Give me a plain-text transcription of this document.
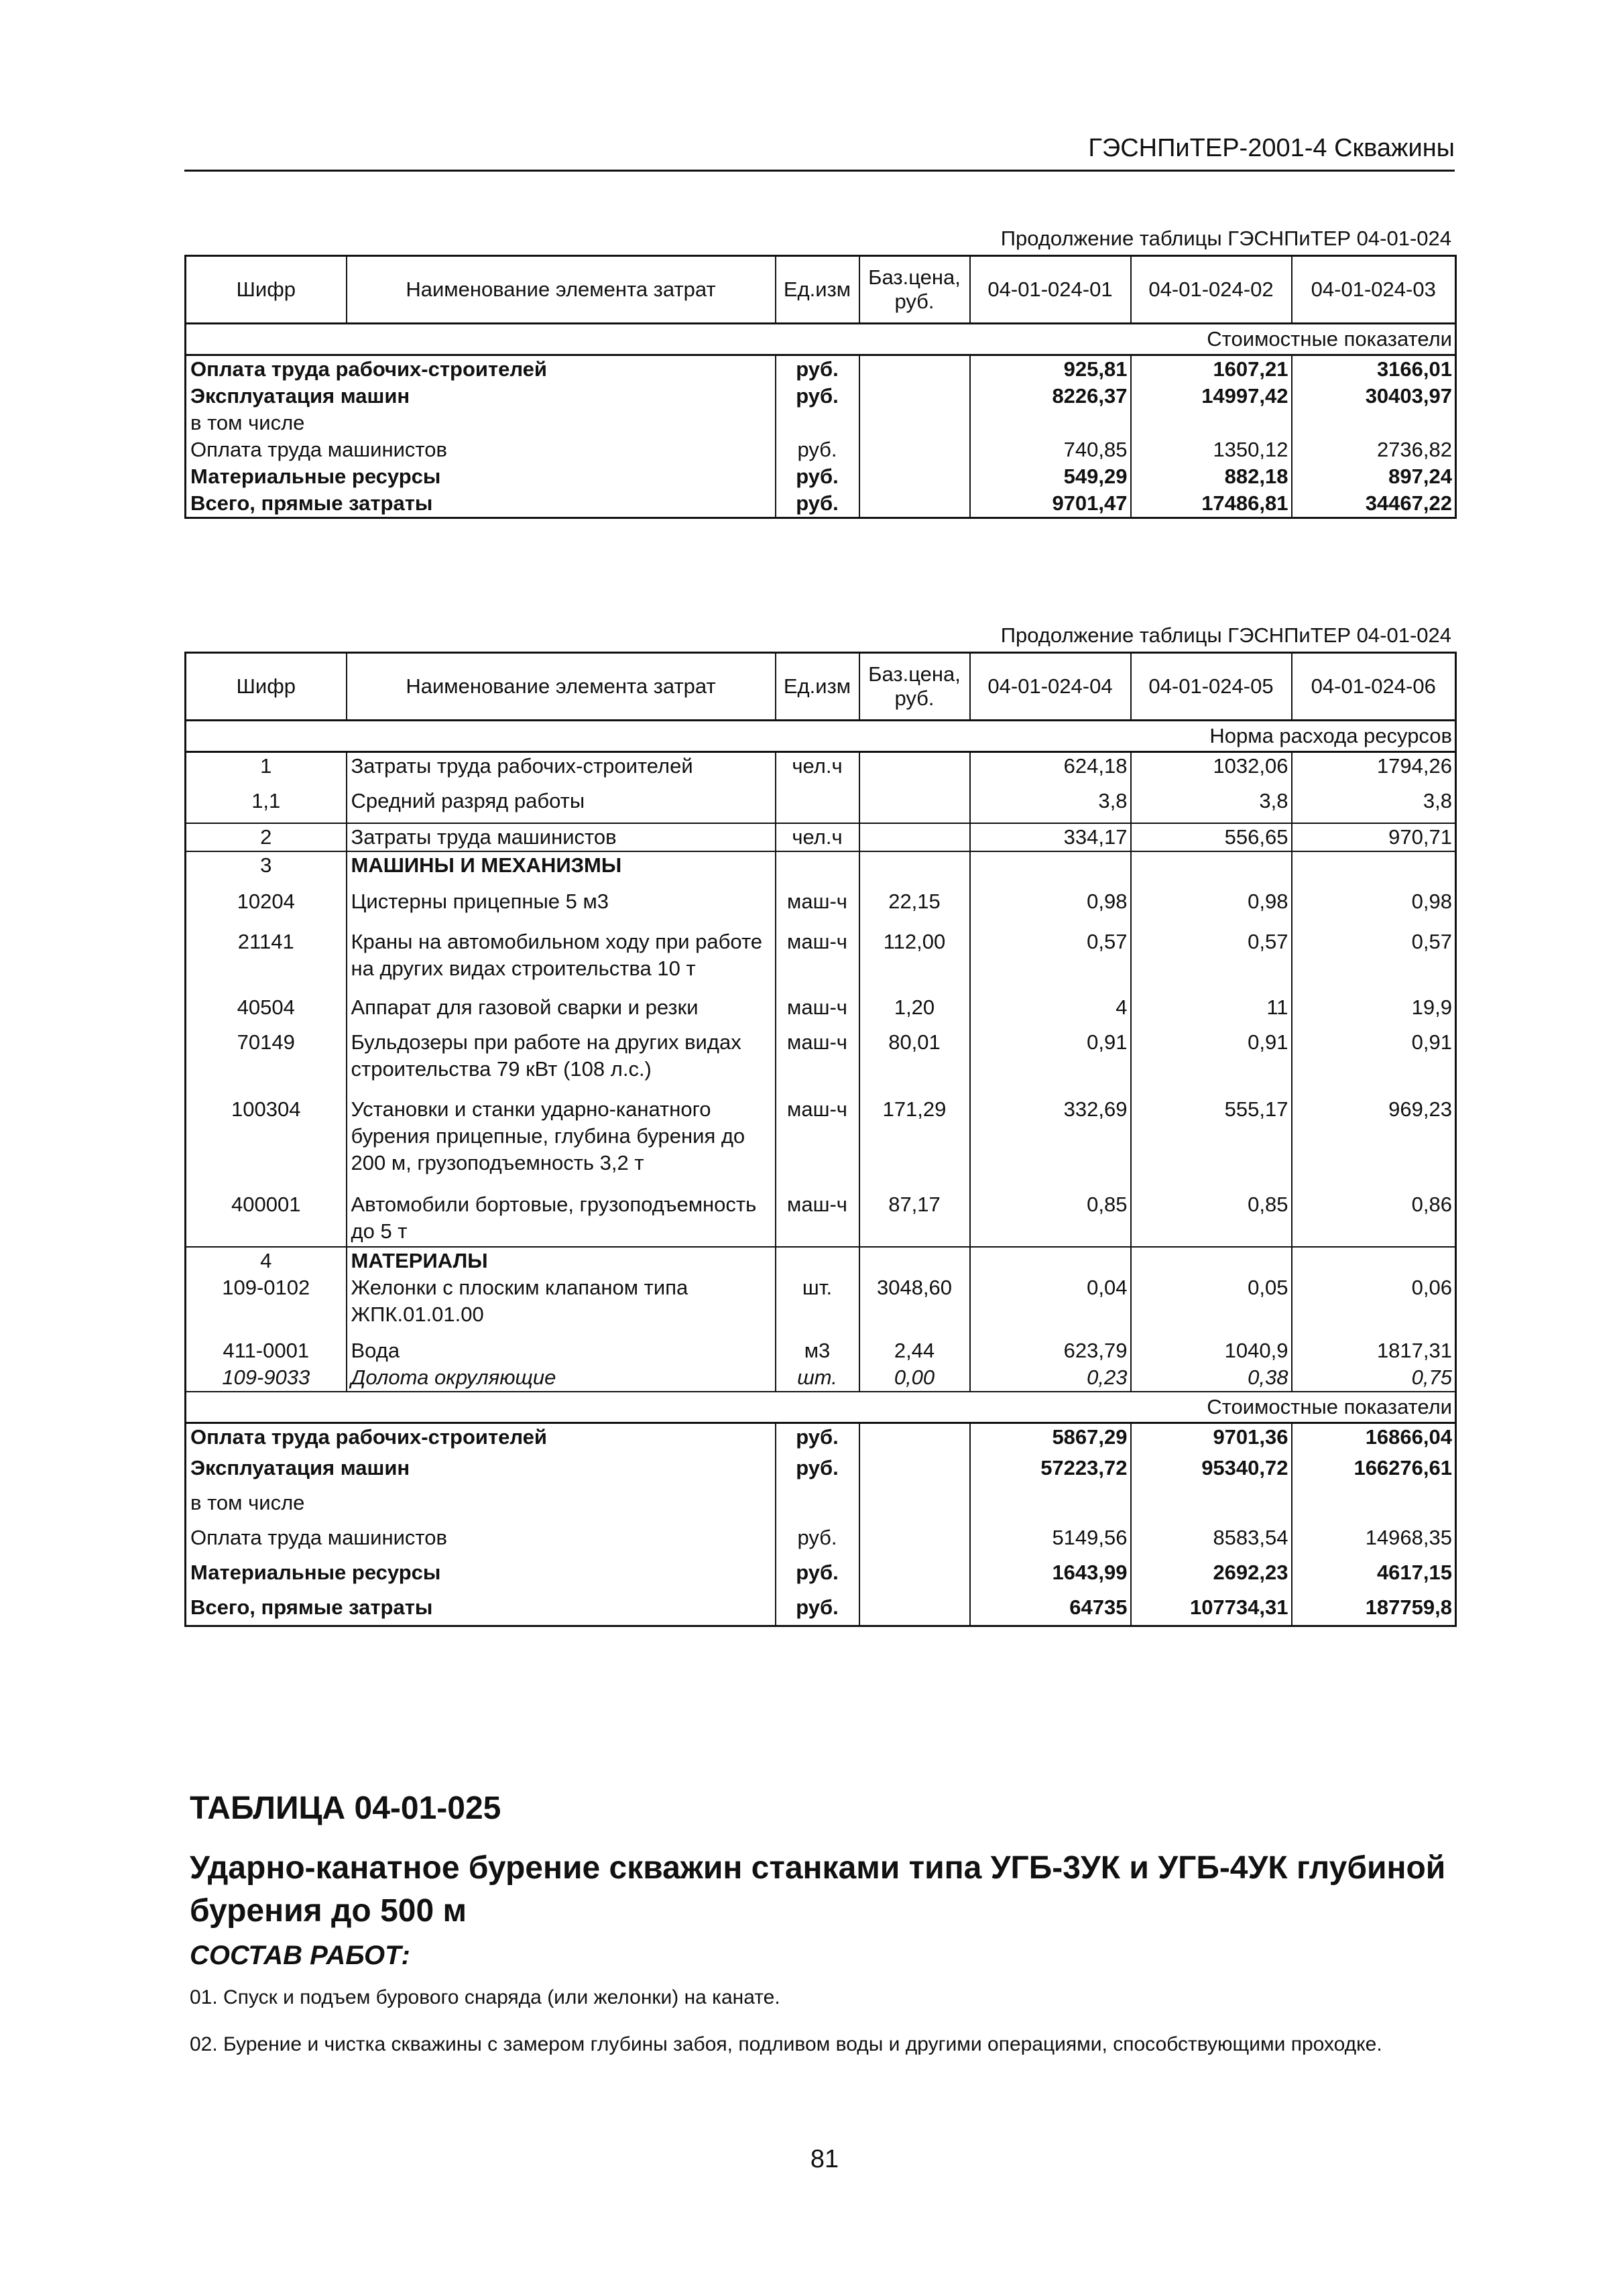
ГЭСНПиТЕР-2001-4 Скважины
Продолжение таблицы ГЭСНПиТЕР 04-01-024
Шифр	Наименование элемента затрат	Ед.изм	Баз.цена, руб.	04-01-024-01	04-01-024-02	04-01-024-03
Стоимостные показатели						
Оплата труда рабочих-строителей		руб.		925,81	1607,21	3166,01
Эксплуатация машин		руб.		8226,37	14997,42	30403,97
в том числе						
Оплата труда машинистов		руб.		740,85	1350,12	2736,82
Материальные ресурсы		руб.		549,29	882,18	897,24
Всего, прямые затраты		руб.		9701,47	17486,81	34467,22
Продолжение таблицы ГЭСНПиТЕР 04-01-024
Шифр	Наименование элемента затрат	Ед.изм	Баз.цена, руб.	04-01-024-04	04-01-024-05	04-01-024-06
Норма расхода ресурсов						
1	Затраты труда рабочих-строителей	чел.ч		624,18	1032,06	1794,26
1,1	Средний разряд работы			3,8	3,8	3,8
2	Затраты труда машинистов	чел.ч		334,17	556,65	970,71
3	МАШИНЫ И МЕХАНИЗМЫ					
10204	Цистерны прицепные 5 м3	маш-ч	22,15	0,98	0,98	0,98
21141	Краны на автомобильном ходу при работе на других видах строительства 10 т	маш-ч	112,00	0,57	0,57	0,57
40504	Аппарат для газовой сварки и резки	маш-ч	1,20	4	11	19,9
70149	Бульдозеры при работе на других видах строительства 79 кВт (108 л.с.)	маш-ч	80,01	0,91	0,91	0,91
100304	Установки и станки ударно-канатного бурения прицепные, глубина бурения до 200 м, грузоподъемность 3,2 т	маш-ч	171,29	332,69	555,17	969,23
400001	Автомобили бортовые, грузоподъемность до 5 т	маш-ч	87,17	0,85	0,85	0,86
4	МАТЕРИАЛЫ					
109-0102	Желонки с плоским клапаном типа ЖПК.01.01.00	шт.	3048,60	0,04	0,05	0,06
411-0001	Вода	м3	2,44	623,79	1040,9	1817,31
109-9033	Долота окруляющие	шт.	0,00	0,23	0,38	0,75
Стоимостные показатели						
Оплата труда рабочих-строителей		руб.		5867,29	9701,36	16866,04
Эксплуатация машин		руб.		57223,72	95340,72	166276,61
в том числе						
Оплата труда машинистов		руб.		5149,56	8583,54	14968,35
Материальные ресурсы		руб.		1643,99	2692,23	4617,15
Всего, прямые затраты		руб.		64735	107734,31	187759,8
ТАБЛИЦА 04-01-025
Ударно-канатное бурение скважин станками типа УГБ-3УК и УГБ-4УК глубиной бурения до 500 м
СОСТАВ РАБОТ:
01. Спуск и подъем бурового снаряда (или желонки) на канате.
02. Бурение и чистка скважины с замером глубины забоя, подливом воды и другими операциями, способствующими проходке.
81
